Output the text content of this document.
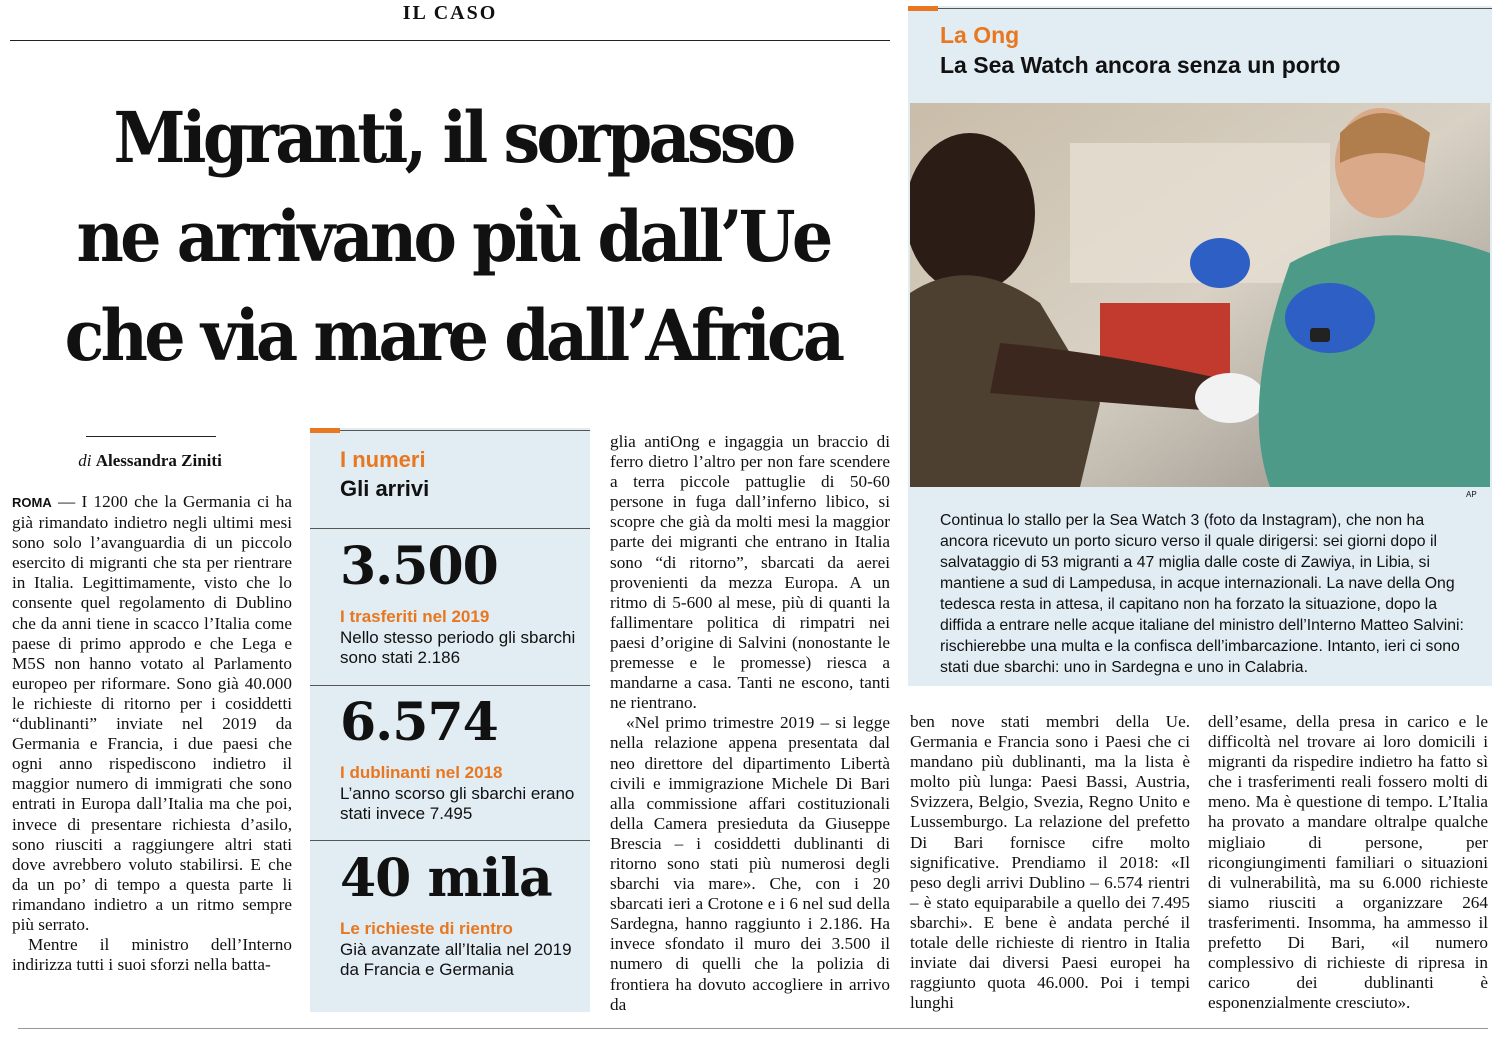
IL CASO
Migranti, il sorpasso
ne arrivano più dall’Ue
che via mare dall’Africa
di Alessandra Ziniti

ROMA — I 1200 che la Germania ci ha già rimandato indietro negli ultimi mesi sono solo l’avanguardia di un piccolo esercito di migranti che sta per rientrare in Italia. Legittimamente, visto che lo consente quel regolamento di Dublino che da anni tiene in scacco l’Italia come paese di primo approdo e che Lega e M5S non hanno votato al Parlamento europeo per riformare. Sono già 40.000 le richieste di ritorno per i cosiddetti “dublinanti” inviate nel 2019 da Germania e Francia, i due paesi che ogni anno rispediscono indietro il maggior numero di immigrati che sono entrati in Europa dall’Italia ma che poi, invece di presentare richiesta d’asilo, sono riusciti a raggiungere altri stati dove avrebbero voluto stabilirsi. E che da un po’ di tempo a questa parte li rimandano indietro a un ritmo sempre più serrato.

Mentre il ministro dell’Interno indirizza tutti i suoi sforzi nella batta-

I numeri
Gli arrivi
3.500
I trasferiti nel 2019
Nello stesso periodo gli sbarchi sono stati 2.186
6.574
I dublinanti nel 2018
L’anno scorso gli sbarchi erano stati invece 7.495
40 mila
Le richieste di rientro
Già avanzate all’Italia nel 2019 da Francia e Germania

glia antiOng e ingaggia un braccio di ferro dietro l’altro per non fare scendere a terra piccole pattuglie di 50-60 persone in fuga dall’inferno libico, si scopre che già da molti mesi la maggior parte dei migranti che entrano in Italia sono “di ritorno”, sbarcati da aerei provenienti da mezza Europa. A un ritmo di 5-600 al mese, più di quanti la fallimentare politica di rimpatri nei paesi d’origine di Salvini (nonostante le premesse e le promesse) riesca a mandarne a casa. Tanti ne escono, tanti ne rientrano.

«Nel primo trimestre 2019 – si legge nella relazione appena presentata dal neo direttore del dipartimento Libertà civili e immigrazione Michele Di Bari alla commissione affari costituzionali della Camera presieduta da Giuseppe Brescia – i cosiddetti dublinanti di ritorno sono stati più numerosi degli sbarchi via mare». Che, con i 20 sbarcati ieri a Crotone e i 6 nel sud della Sardegna, hanno raggiunto i 2.186. Ha invece sfondato il muro dei 3.500 il numero di quelli che la polizia di frontiera ha dovuto accogliere in arrivo da

La Ong
La Sea Watch ancora senza un porto
AP
Continua lo stallo per la Sea Watch 3 (foto da Instagram), che non ha ancora ricevuto un porto sicuro verso il quale dirigersi: sei giorni dopo il salvataggio di 53 migranti a 47 miglia dalle coste di Zawiya, in Libia, si mantiene a sud di Lampedusa, in acque internazionali. La nave della Ong tedesca resta in attesa, il capitano non ha forzato la situazione, dopo la diffida a entrare nelle acque italiane del ministro dell’Interno Matteo Salvini: rischierebbe una multa e la confisca dell’imbarcazione. Intanto, ieri ci sono stati due sbarchi: uno in Sardegna e uno in Calabria.

ben nove stati membri della Ue. Germania e Francia sono i Paesi che ci mandano più dublinanti, ma la lista è molto più lunga: Paesi Bassi, Austria, Svizzera, Belgio, Svezia, Regno Unito e Lussemburgo. La relazione del prefetto Di Bari fornisce cifre molto significative. Prendiamo il 2018: «Il peso degli arrivi Dublino – 6.574 rientri – è stato equiparabile a quello dei 7.495 sbarchi». E bene è andata perché il totale delle richieste di rientro in Italia inviate dai diversi Paesi europei ha raggiunto quota 46.000. Poi i tempi lunghi

dell’esame, della presa in carico e le difficoltà nel trovare ai loro domicili i migranti da rispedire indietro ha fatto sì che i trasferimenti reali fossero molti di meno. Ma è questione di tempo. L’Italia ha provato a mandare oltralpe qualche migliaio di persone, per ricongiungimenti familiari o situazioni di vulnerabilità, ma su 6.000 richieste siamo riusciti a organizzare 264 trasferimenti. Insomma, ha ammesso il prefetto Di Bari, «il numero complessivo di richieste di ripresa in carico dei dublinanti è esponenzialmente cresciuto».
